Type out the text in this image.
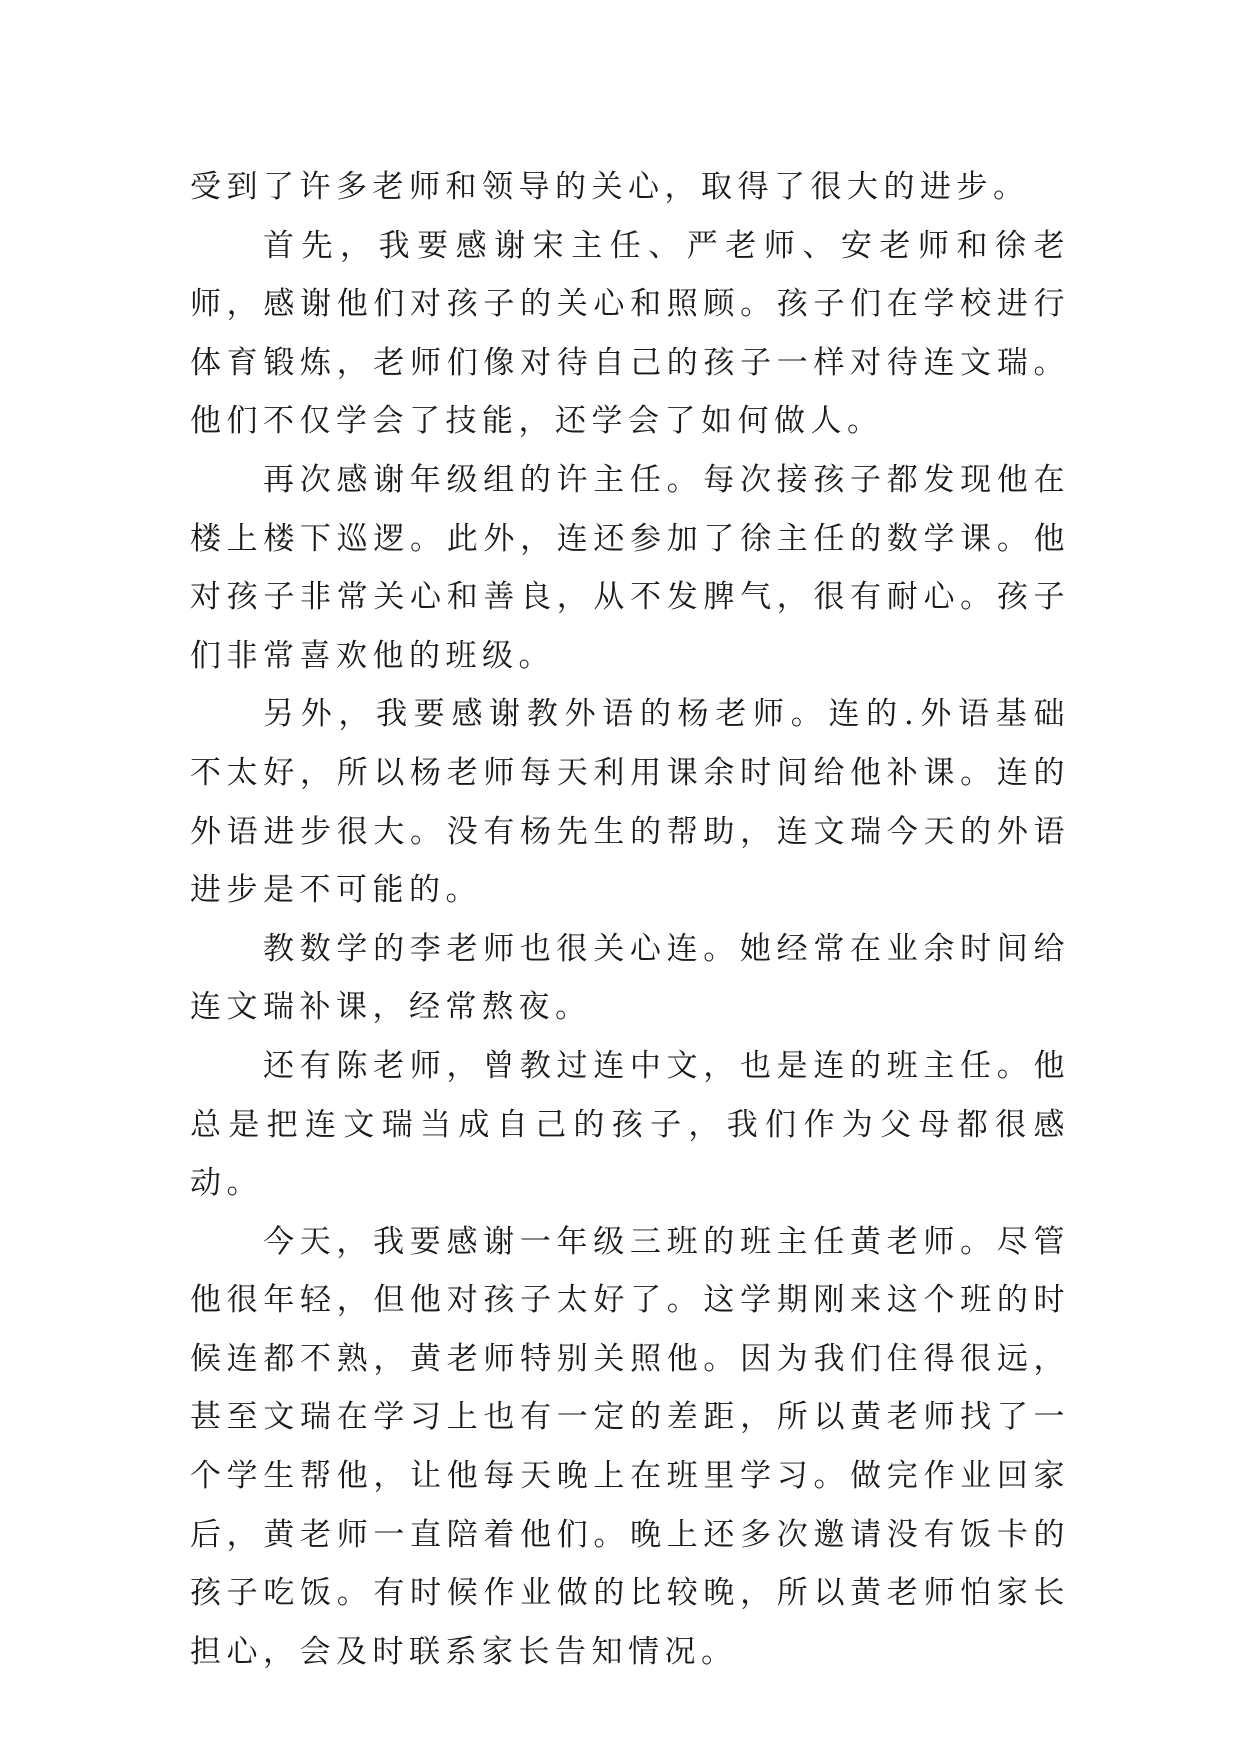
受到了许多老师和领导的关心，取得了很大的进步。

首先，我要感谢宋主任、严老师、安老师和徐老师，感谢他们对孩子的关心和照顾。孩子们在学校进行体育锻炼，老师们像对待自己的孩子一样对待连文瑞。他们不仅学会了技能，还学会了如何做人。

再次感谢年级组的许主任。每次接孩子都发现他在楼上楼下巡逻。此外，连还参加了徐主任的数学课。他对孩子非常关心和善良，从不发脾气，很有耐心。孩子们非常喜欢他的班级。

另外，我要感谢教外语的杨老师。连的.外语基础不太好，所以杨老师每天利用课余时间给他补课。连的外语进步很大。没有杨先生的帮助，连文瑞今天的外语进步是不可能的。

教数学的李老师也很关心连。她经常在业余时间给连文瑞补课，经常熬夜。

还有陈老师，曾教过连中文，也是连的班主任。他总是把连文瑞当成自己的孩子，我们作为父母都很感动。

今天，我要感谢一年级三班的班主任黄老师。尽管他很年轻，但他对孩子太好了。这学期刚来这个班的时候连都不熟，黄老师特别关照他。因为我们住得很远，甚至文瑞在学习上也有一定的差距，所以黄老师找了一个学生帮他，让他每天晚上在班里学习。做完作业回家后，黄老师一直陪着他们。晚上还多次邀请没有饭卡的孩子吃饭。有时候作业做的比较晚，所以黄老师怕家长担心，会及时联系家长告知情况。
